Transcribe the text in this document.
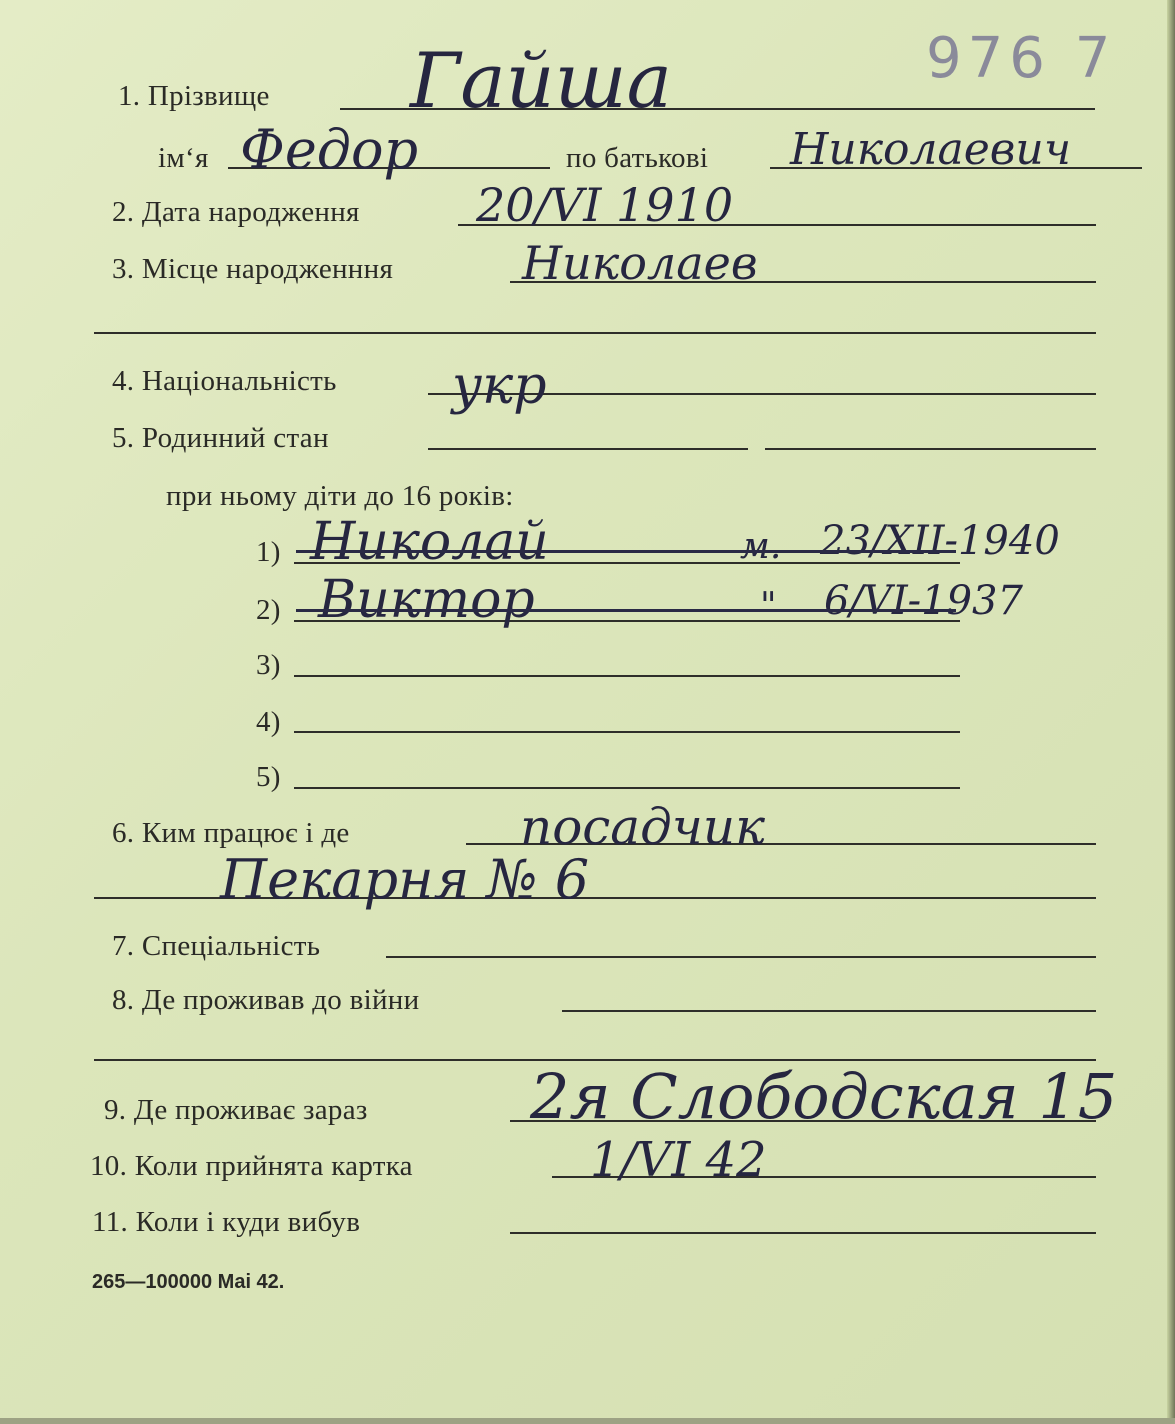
976 7
1. Прізвище Гайша
ім‘я Федор	по батькові Николаевич
2. Дата народження	20/VI 1910
3. Місце народженння	Николаев
4. Національність укр
5. Родинний стан
при ньому діти до 16 років:
1) Николай	м. 23/XII-1940
2) Виктор	" 6/VI-1937
3)
4)
5)
6. Ким працює і де	посадчик
Пекарня № 6
7. Спеціальність
8. Де проживав до війни
9. Де проживає зараз	2я Слободская 15
10. Коли прийнята картка	1/VI 42
11. Коли і куди вибув
265—100000 Mai 42.
